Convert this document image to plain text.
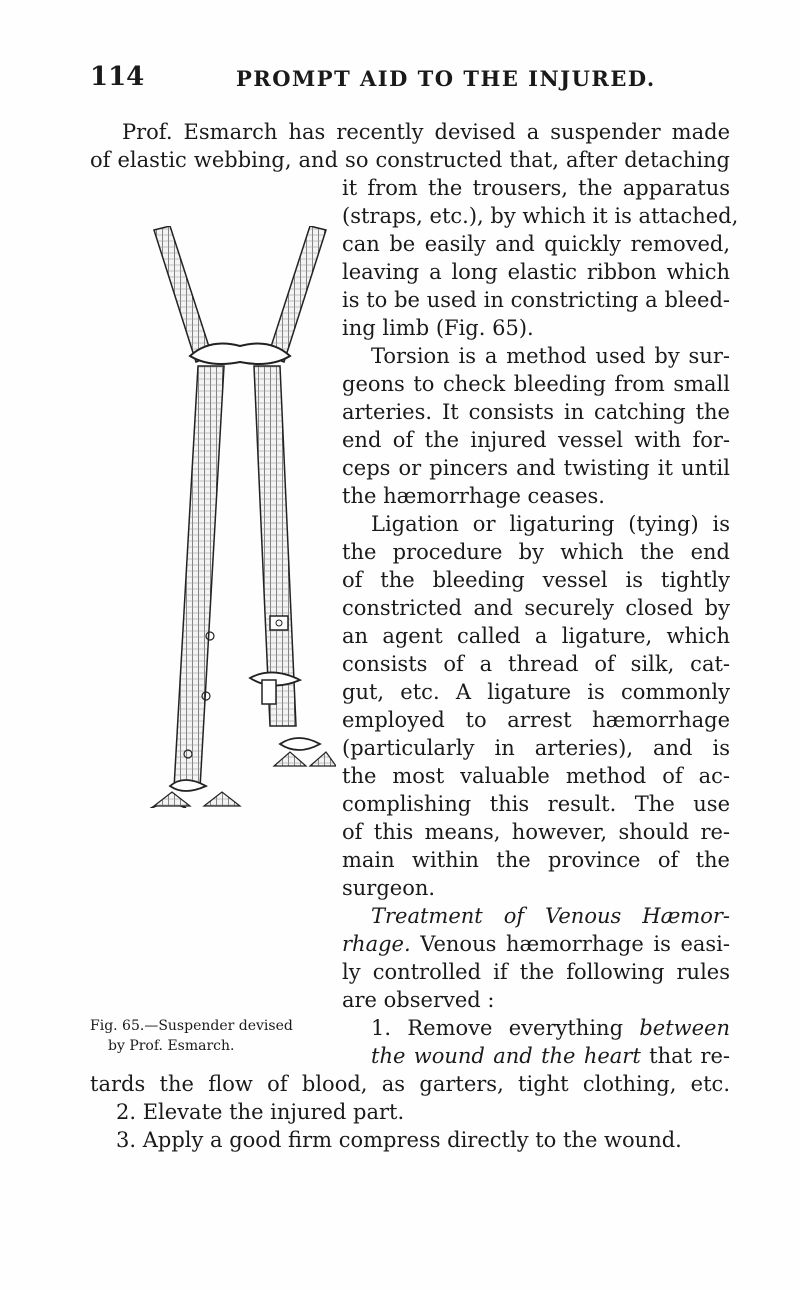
114	PROMPT AID TO THE INJURED.
Prof. Esmarch has recently devised a suspender made
of elastic webbing, and so constructed that, after detaching
it from the trousers, the apparatus
(straps, etc.), by which it is attached,
can be easily and quickly removed,
leaving a long elastic ribbon which
is to be used in constricting a bleed-
ing limb (Fig. 65).
Torsion is a method used by sur-
geons to check bleeding from small
arteries. It consists in catching the
end of the injured vessel with for-
ceps or pincers and twisting it until
the hæmorrhage ceases.
Ligation or ligaturing (tying) is
the procedure by which the end
of the bleeding vessel is tightly
constricted and securely closed by
an agent called a ligature, which
consists of a thread of silk, cat-
gut, etc. A ligature is commonly
employed to arrest hæmorrhage
(particularly in arteries), and is
the most valuable method of ac-
complishing this result. The use
of this means, however, should re-
main within the province of the
surgeon.
Treatment of Venous Hæmor-
rhage. Venous hæmorrhage is easi-
ly controlled if the following rules
are observed :
1. Remove everything between
the wound and the heart that re-
tards the flow of blood, as garters, tight clothing, etc.
2. Elevate the injured part.
3. Apply a good firm compress directly to the wound.
Fig. 65.—Suspender devised
by Prof. Esmarch.
